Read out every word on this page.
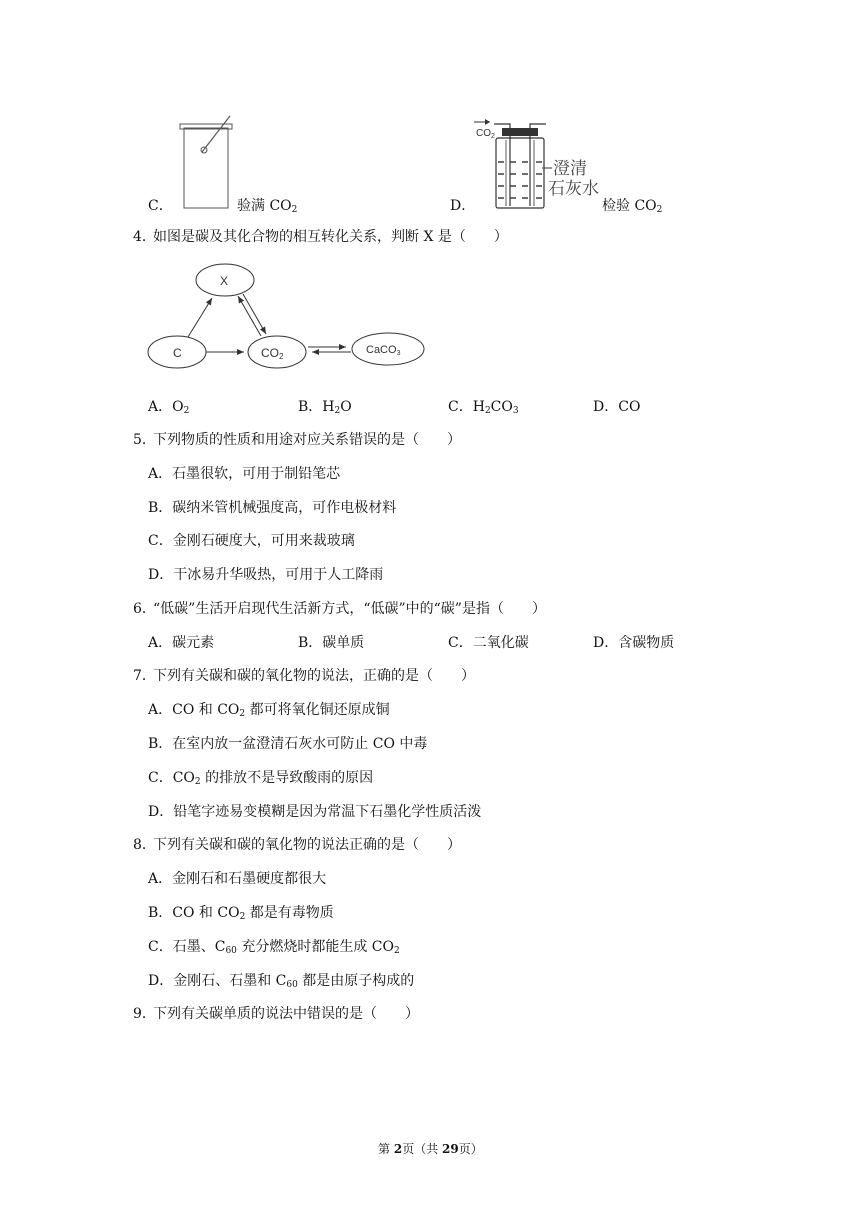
C．	验满 $CO_2$
$CO_2$
澄清
石灰水
D．	检验 $CO_2$
4．
如图是碳及其化合物的相互转化关系，判断 X 是（　　）
X
C	CO2
CaCO3
A．$O_2$	B．$H_2O$	C．$H_2CO_3$	D．CO
5．
下列物质的性质和用途对应关系错误的是（　　）
A．石墨很软，可用于制铅笔芯
B．碳纳米管机械强度高，可作电极材料
C．金刚石硬度大，可用来裁玻璃
D．干冰易升华吸热，可用于人工降雨
6．
“低碳”生活开启现代生活新方式，“低碳”中的“碳”是指（　　）
A．碳元素	B．碳单质	C．二氧化碳	D．含碳物质
7．
下列有关碳和碳的氧化物的说法，正确的是（　　）
A．CO 和 $CO_2$ 都可将氧化铜还原成铜
B．在室内放一盆澄清石灰水可防止 CO 中毒
C．$CO_2$ 的排放不是导致酸雨的原因
D．铅笔字迹易变模糊是因为常温下石墨化学性质活泼
8．
下列有关碳和碳的氧化物的说法正确的是（　　）
A．金刚石和石墨硬度都很大
B．CO 和 $CO_2$ 都是有毒物质
C．石墨、$C_{60}$ 充分燃烧时都能生成 $CO_2$
D．金刚石、石墨和 $C_{60}$ 都是由原子构成的
9．
下列有关碳单质的说法中错误的是（　　）
第 2页（共 29页）
